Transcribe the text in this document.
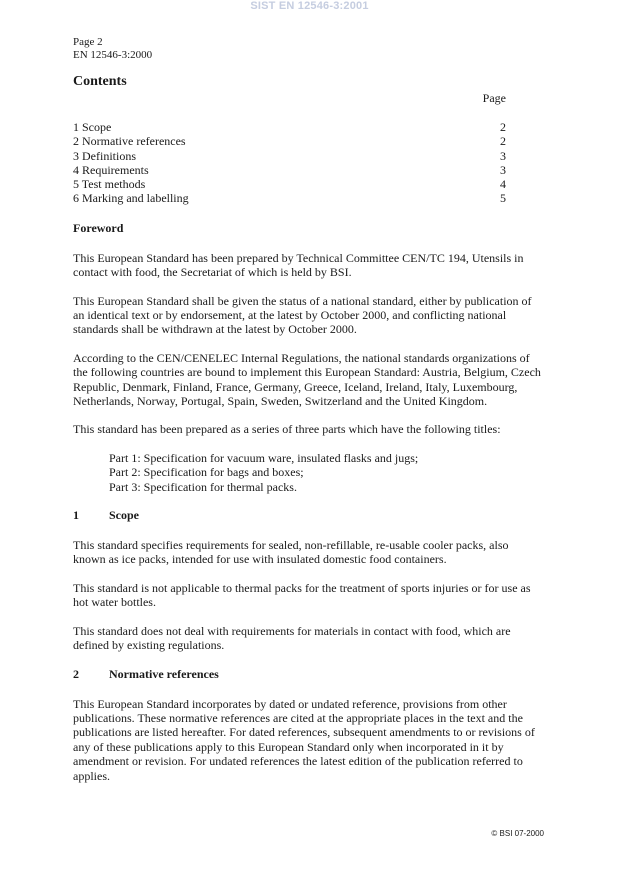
SIST EN 12546-3:2001
Page 2
EN 12546-3:2000
Contents
Page
1 Scope	2
2 Normative references	2
3 Definitions	3
4 Requirements	3
5 Test methods	4
6 Marking and labelling	5
Foreword

This European Standard has been prepared by Technical Committee CEN/TC 194, Utensils in contact with food, the Secretariat of which is held by BSI.

This European Standard shall be given the status of a national standard, either by publication of an identical text or by endorsement, at the latest by October 2000, and conflicting national standards shall be withdrawn at the latest by October 2000.

According to the CEN/CENELEC Internal Regulations, the national standards organizations of the following countries are bound to implement this European Standard: Austria, Belgium, Czech Republic, Denmark, Finland, France, Germany, Greece, Iceland, Ireland, Italy, Luxembourg, Netherlands, Norway, Portugal, Spain, Sweden, Switzerland and the United Kingdom.

This standard has been prepared as a series of three parts which have the following titles:

Part 1: Specification for vacuum ware, insulated flasks and jugs;
Part 2: Specification for bags and boxes;
Part 3: Specification for thermal packs.
1	Scope

This standard specifies requirements for sealed, non-refillable, re-usable cooler packs, also known as ice packs, intended for use with insulated domestic food containers.

This standard is not applicable to thermal packs for the treatment of sports injuries or for use as hot water bottles.

This standard does not deal with requirements for materials in contact with food, which are defined by existing regulations.

2	Normative references

This European Standard incorporates by dated or undated reference, provisions from other publications. These normative references are cited at the appropriate places in the text and the publications are listed hereafter. For dated references, subsequent amendments to or revisions of any of these publications apply to this European Standard only when incorporated in it by amendment or revision. For undated references the latest edition of the publication referred to applies.

© BSI 07-2000
